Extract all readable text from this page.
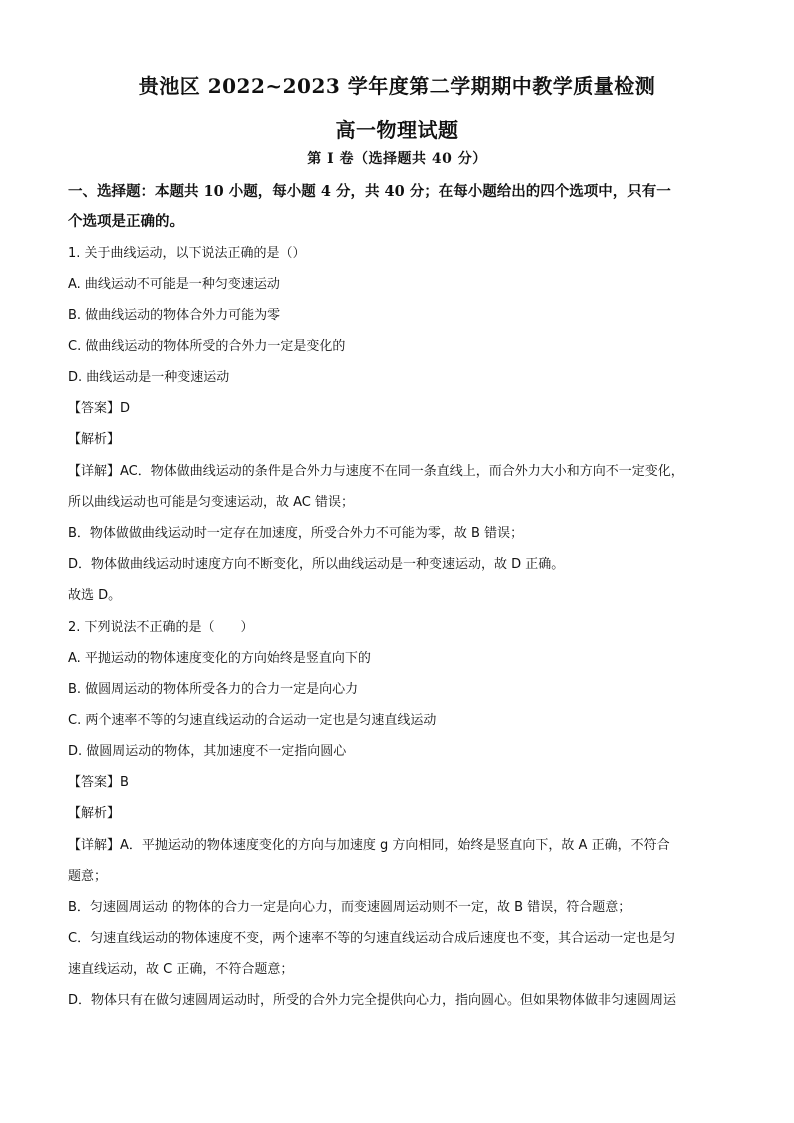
贵池区 2022~2023 学年度第二学期期中教学质量检测
高一物理试题
第 I 卷（选择题共 40 分）
一、选择题：本题共 10 小题，每小题 4 分，共 40 分；在每小题给出的四个选项中，只有一
个选项是正确的。
1. 关于曲线运动，以下说法正确的是（）
A. 曲线运动不可能是一种匀变速运动
B. 做曲线运动的物体合外力可能为零
C. 做曲线运动的物体所受的合外力一定是变化的
D. 曲线运动是一种变速运动
【答案】D
【解析】
【详解】AC．物体做曲线运动的条件是合外力与速度不在同一条直线上，而合外力大小和方向不一定变化，
所以曲线运动也可能是匀变速运动，故 AC 错误；
B．物体做做曲线运动时一定存在加速度，所受合外力不可能为零，故 B 错误；
D．物体做曲线运动时速度方向不断变化，所以曲线运动是一种变速运动，故 D 正确。
故选 D。
2. 下列说法不正确的是（　　）
A. 平抛运动的物体速度变化的方向始终是竖直向下的
B. 做圆周运动的物体所受各力的合力一定是向心力
C. 两个速率不等的匀速直线运动的合运动一定也是匀速直线运动
D. 做圆周运动的物体，其加速度不一定指向圆心
【答案】B
【解析】
【详解】A．平抛运动的物体速度变化的方向与加速度 g 方向相同，始终是竖直向下，故 A 正确，不符合
题意；
B．匀速圆周运动 的物体的合力一定是向心力，而变速圆周运动则不一定，故 B 错误，符合题意；
C．匀速直线运动的物体速度不变，两个速率不等的匀速直线运动合成后速度也不变，其合运动一定也是匀
速直线运动，故 C 正确，不符合题意；
D．物体只有在做匀速圆周运动时，所受的合外力完全提供向心力，指向圆心。但如果物体做非匀速圆周运
